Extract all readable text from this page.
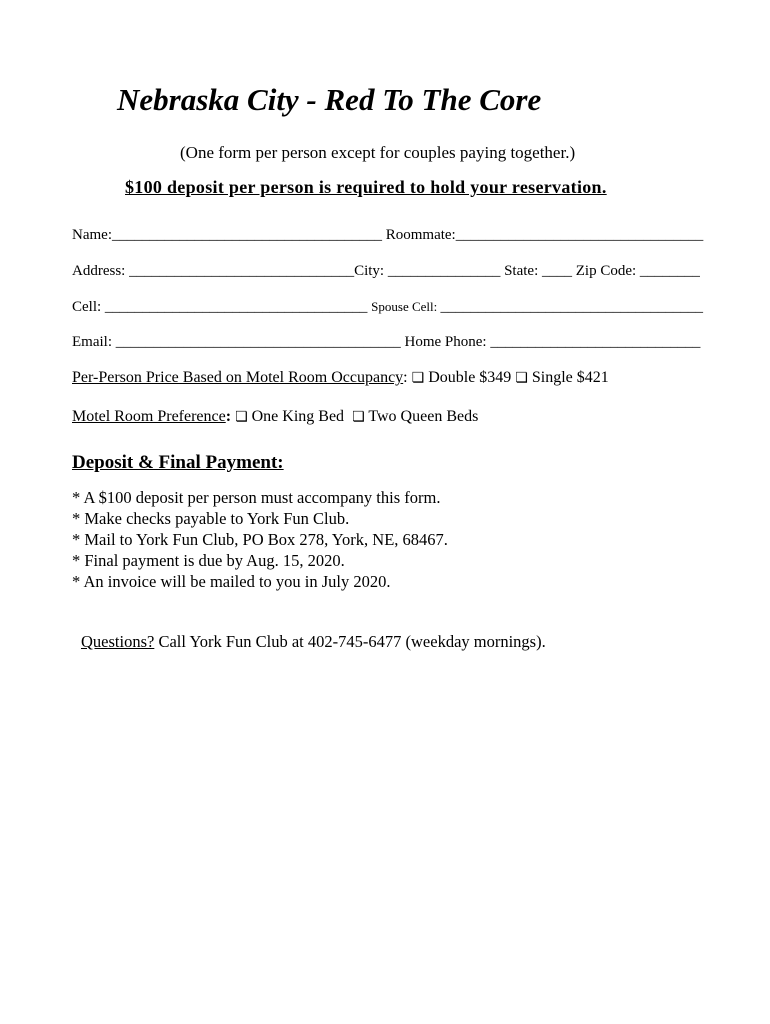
Nebraska City - Red To The Core
(One form per person except for couples paying together.)
$100 deposit per person is required to hold your reservation.
Name:____________________________________ Roommate:_________________________________
Address: ______________________________City: _______________ State: ____ Zip Code: ________
Cell: ___________________________________ Spouse Cell: ___________________________________
Email: ______________________________________ Home Phone: ____________________________
Per-Person Price Based on Motel Room Occupancy: ❏ Double $349 ❏ Single $421
Motel Room Preference: ❏ One King Bed ❏ Two Queen Beds
Deposit & Final Payment:
* A $100 deposit per person must accompany this form.
* Make checks payable to York Fun Club.
* Mail to York Fun Club, PO Box 278, York, NE, 68467.
* Final payment is due by Aug. 15, 2020.
* An invoice will be mailed to you in July 2020.
Questions? Call York Fun Club at 402-745-6477 (weekday mornings).
